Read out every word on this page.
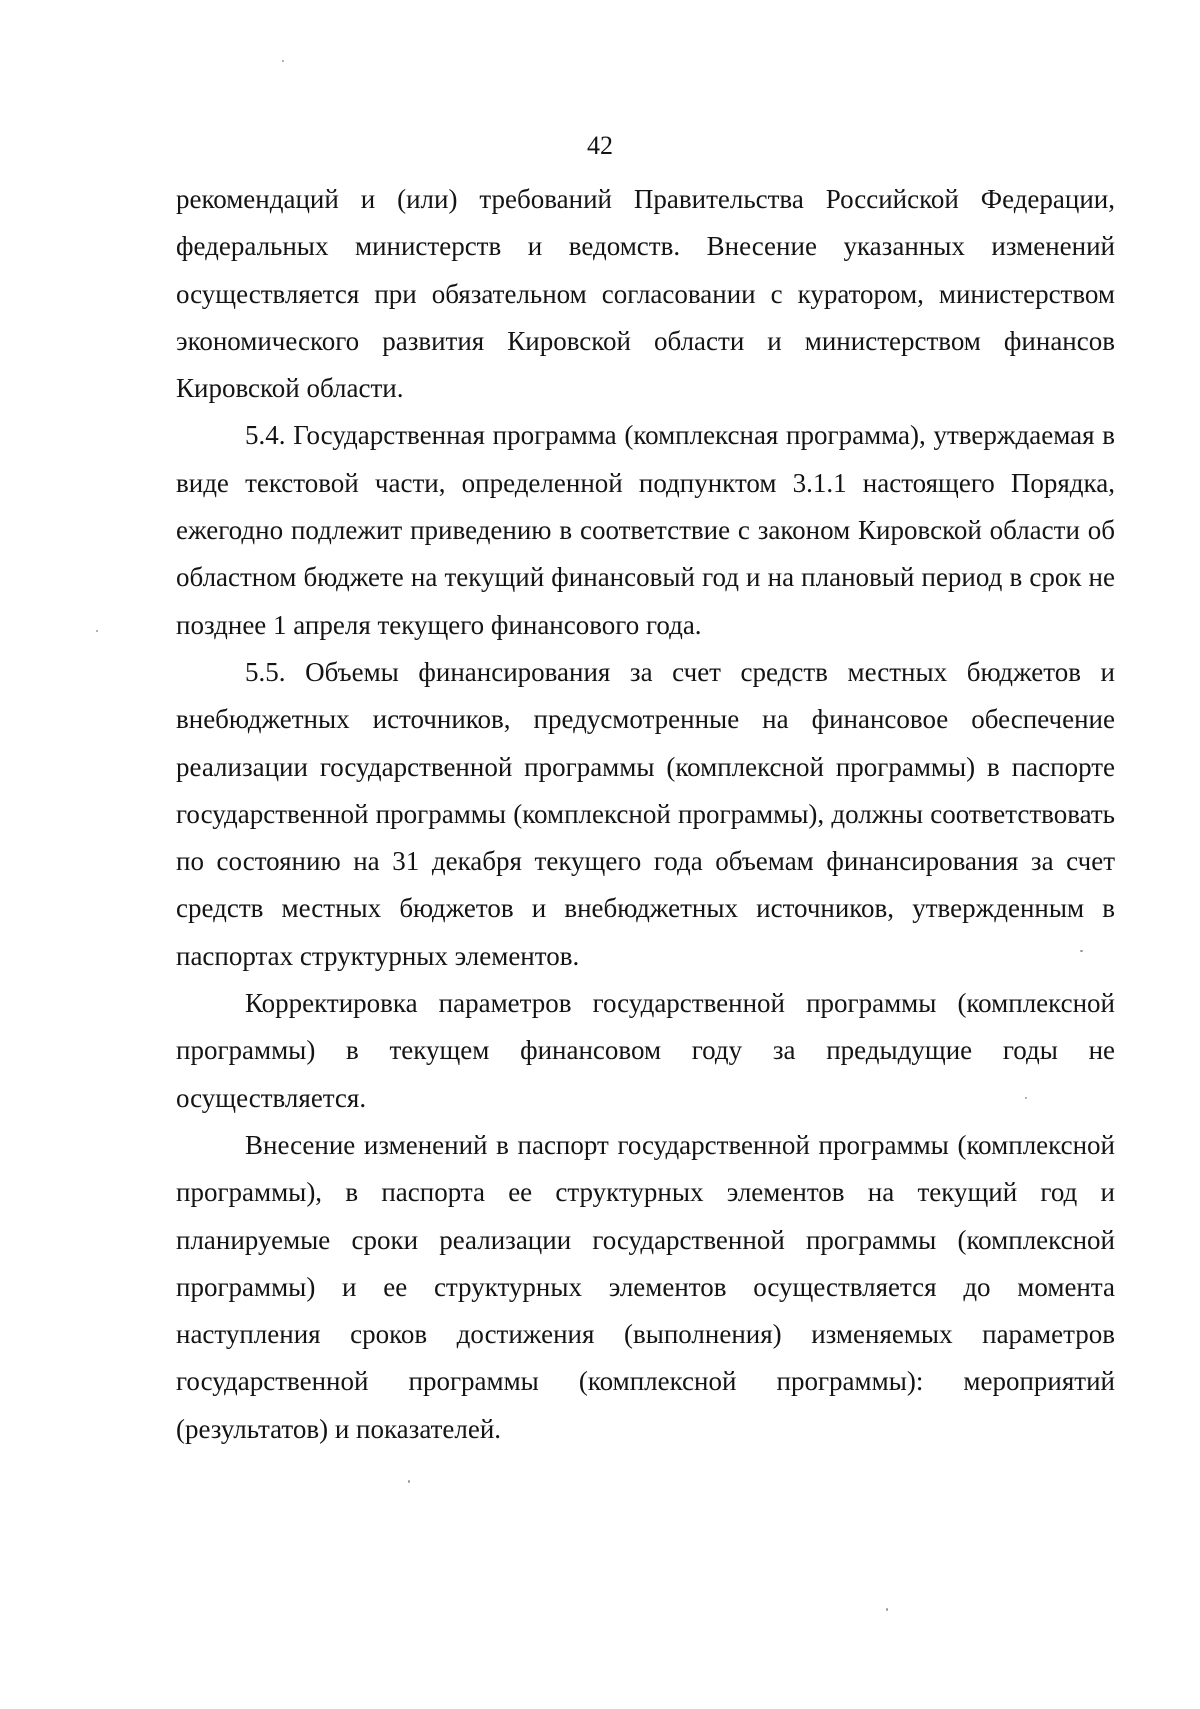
42

рекомендаций и (или) требований Правительства Российской Федерации, федеральных министерств и ведомств. Внесение указанных изменений осуществляется при обязательном согласовании с куратором, министерством экономического развития Кировской области и министерством финансов Кировской области.

5.4. Государственная программа (комплексная программа), утверждаемая в виде текстовой части, определенной подпунктом 3.1.1 настоящего Порядка, ежегодно подлежит приведению в соответствие с законом Кировской области об областном бюджете на текущий финансовый год и на плановый период в срок не позднее 1 апреля текущего финансового года.

5.5. Объемы финансирования за счет средств местных бюджетов и внебюджетных источников, предусмотренные на финансовое обеспечение реализации государственной программы (комплексной программы) в паспорте государственной программы (комплексной программы), должны соответствовать по состоянию на 31 декабря текущего года объемам финансирования за счет средств местных бюджетов и внебюджетных источников, утвержденным в паспортах структурных элементов.

Корректировка параметров государственной программы (комплексной программы) в текущем финансовом году за предыдущие годы не осуществляется.

Внесение изменений в паспорт государственной программы (комплексной программы), в паспорта ее структурных элементов на текущий год и планируемые сроки реализации государственной программы (комплексной программы) и ее структурных элементов осуществляется до момента наступления сроков достижения (выполнения) изменяемых параметров государственной программы (комплексной программы): мероприятий (результатов) и показателей.
